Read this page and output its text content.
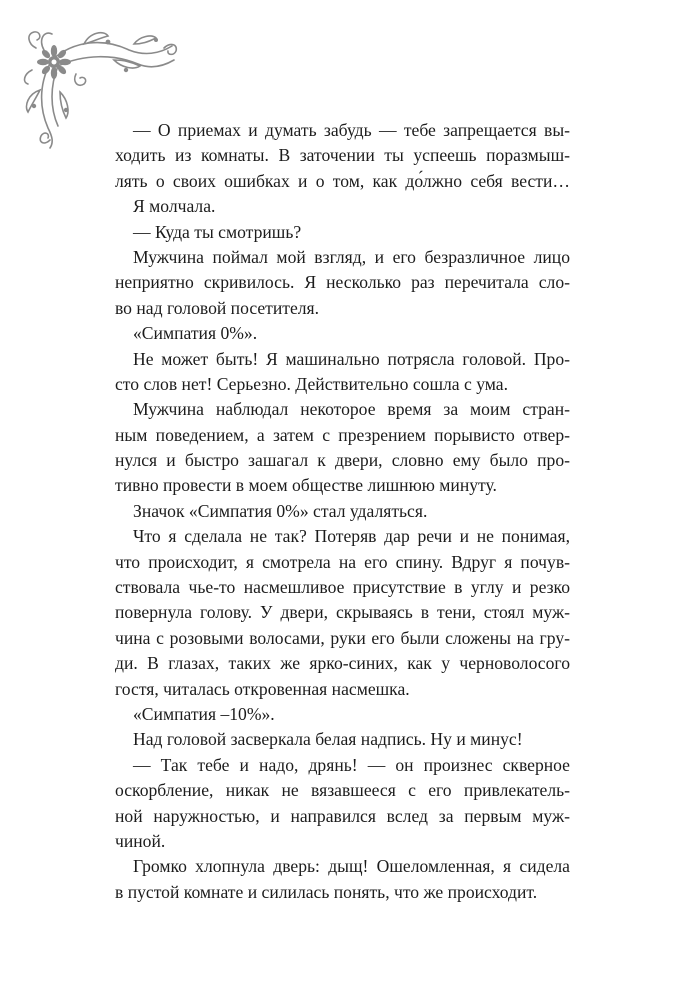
— О приемах и думать забудь — тебе запрещается вы-
ходить из комнаты. В заточении ты успеешь поразмыш-
лять о своих ошибках и о том, как до́лжно себя вести…
Я молчала.
— Куда ты смотришь?
Мужчина поймал мой взгляд, и его безразличное лицо
неприятно скривилось. Я несколько раз перечитала сло-
во над головой посетителя.
«Симпатия 0%».
Не может быть! Я машинально потрясла головой. Про-
сто слов нет! Серьезно. Действительно сошла с ума.
Мужчина наблюдал некоторое время за моим стран-
ным поведением, а затем с презрением порывисто отвер-
нулся и быстро зашагал к двери, словно ему было про-
тивно провести в моем обществе лишнюю минуту.
Значок «Симпатия 0%» стал удаляться.
Что я сделала не так? Потеряв дар речи и не понимая,
что происходит, я смотрела на его спину. Вдруг я почув-
ствовала чье-то насмешливое присутствие в углу и резко
повернула голову. У двери, скрываясь в тени, стоял муж-
чина с розовыми волосами, руки его были сложены на гру-
ди. В глазах, таких же ярко-синих, как у черноволосого
гостя, читалась откровенная насмешка.
«Симпатия –10%».
Над головой засверкала белая надпись. Ну и минус!
— Так тебе и надо, дрянь! — он произнес скверное
оскорбление, никак не вязавшееся с его привлекатель-
ной наружностью, и направился вслед за первым муж-
чиной.
Громко хлопнула дверь: дыщ! Ошеломленная, я сидела
в пустой комнате и силилась понять, что же происходит.
